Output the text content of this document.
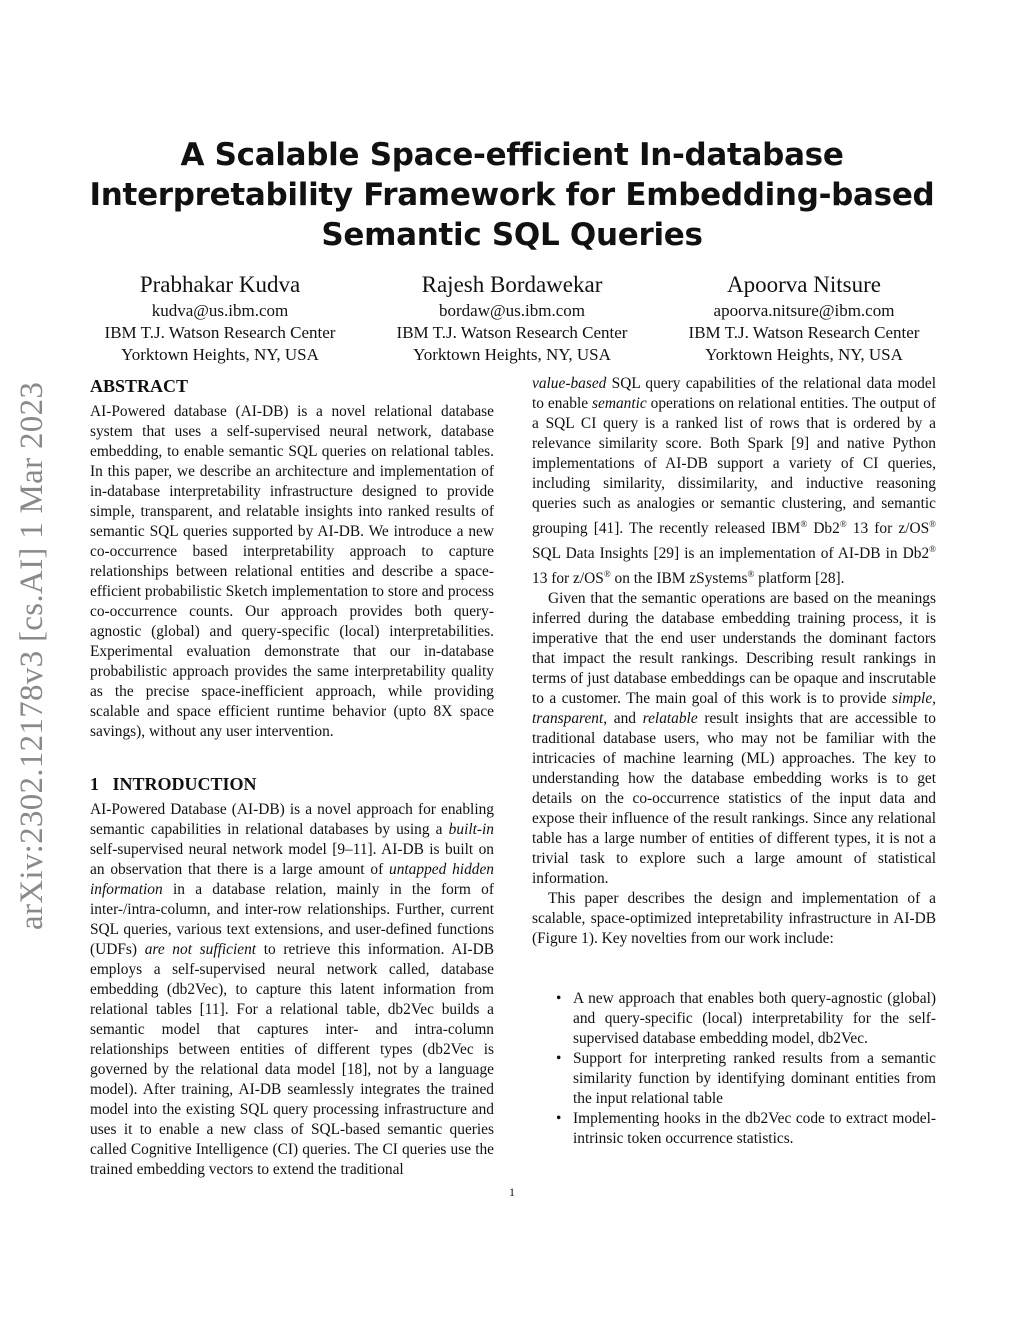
A Scalable Space-efficient In-database Interpretability Framework for Embedding-based Semantic SQL Queries
Prabhakar Kudva
kudva@us.ibm.com
IBM T.J. Watson Research Center
Yorktown Heights, NY, USA
Rajesh Bordawekar
bordaw@us.ibm.com
IBM T.J. Watson Research Center
Yorktown Heights, NY, USA
Apoorva Nitsure
apoorva.nitsure@ibm.com
IBM T.J. Watson Research Center
Yorktown Heights, NY, USA
arXiv:2302.12178v3 [cs.AI] 1 Mar 2023 ABSTRACT

AI-Powered database (AI-DB) is a novel relational database system that uses a self-supervised neural network, database embedding, to enable semantic SQL queries on relational tables. In this paper, we describe an architecture and implementation of in-database interpretability infrastructure designed to provide simple, transparent, and relatable insights into ranked results of semantic SQL queries supported by AI-DB. We introduce a new co-occurrence based interpretability approach to capture relationships between relational entities and describe a space-efficient probabilistic Sketch implementation to store and process co-occurrence counts. Our approach provides both query-agnostic (global) and query-specific (local) interpretabilities. Experimental evaluation demonstrate that our in-database probabilistic approach provides the same interpretability quality as the precise space-inefficient approach, while providing scalable and space efficient runtime behavior (upto 8X space savings), without any user intervention.

1   INTRODUCTION

AI-Powered Database (AI-DB) is a novel approach for enabling semantic capabilities in relational databases by using a built-in self-supervised neural network model [9–11]. AI-DB is built on an observation that there is a large amount of untapped hidden information in a database relation, mainly in the form of inter-/intra-column, and inter-row relationships. Further, current SQL queries, various text extensions, and user-defined functions (UDFs) are not sufficient to retrieve this information. AI-DB employs a self-supervised neural network called, database embedding (db2Vec), to capture this latent information from relational tables [11]. For a relational table, db2Vec builds a semantic model that captures inter- and intra-column relationships between entities of different types (db2Vec is governed by the relational data model [18], not by a language model). After training, AI-DB seamlessly integrates the trained model into the existing SQL query processing infrastructure and uses it to enable a new class of SQL-based semantic queries called Cognitive Intelligence (CI) queries. The CI queries use the trained embedding vectors to extend the traditional

value-based SQL query capabilities of the relational data model to enable semantic operations on relational entities. The output of a SQL CI query is a ranked list of rows that is ordered by a relevance similarity score. Both Spark [9] and native Python implementations of AI-DB support a variety of CI queries, including similarity, dissimilarity, and inductive reasoning queries such as analogies or semantic clustering, and semantic grouping [41]. The recently released IBM® Db2® 13 for z/OS® SQL Data Insights [29] is an implementation of AI-DB in Db2® 13 for z/OS® on the IBM zSystems® platform [28].

Given that the semantic operations are based on the meanings inferred during the database embedding training process, it is imperative that the end user understands the dominant factors that impact the result rankings. Describing result rankings in terms of just database embeddings can be opaque and inscrutable to a customer. The main goal of this work is to provide simple, transparent, and relatable result insights that are accessible to traditional database users, who may not be familiar with the intricacies of machine learning (ML) approaches. The key to understanding how the database embedding works is to get details on the co-occurrence statistics of the input data and expose their influence of the result rankings. Since any relational table has a large number of entities of different types, it is not a trivial task to explore such a large amount of statistical information.

This paper describes the design and implementation of a scalable, space-optimized intepretability infrastructure in AI-DB (Figure 1). Key novelties from our work include:

• A new approach that enables both query-agnostic (global) and query-specific (local) interpretability for the self-supervised database embedding model, db2Vec.
• Support for interpreting ranked results from a semantic similarity function by identifying dominant entities from the input relational table
• Implementing hooks in the db2Vec code to extract model-intrinsic token occurrence statistics.
1
